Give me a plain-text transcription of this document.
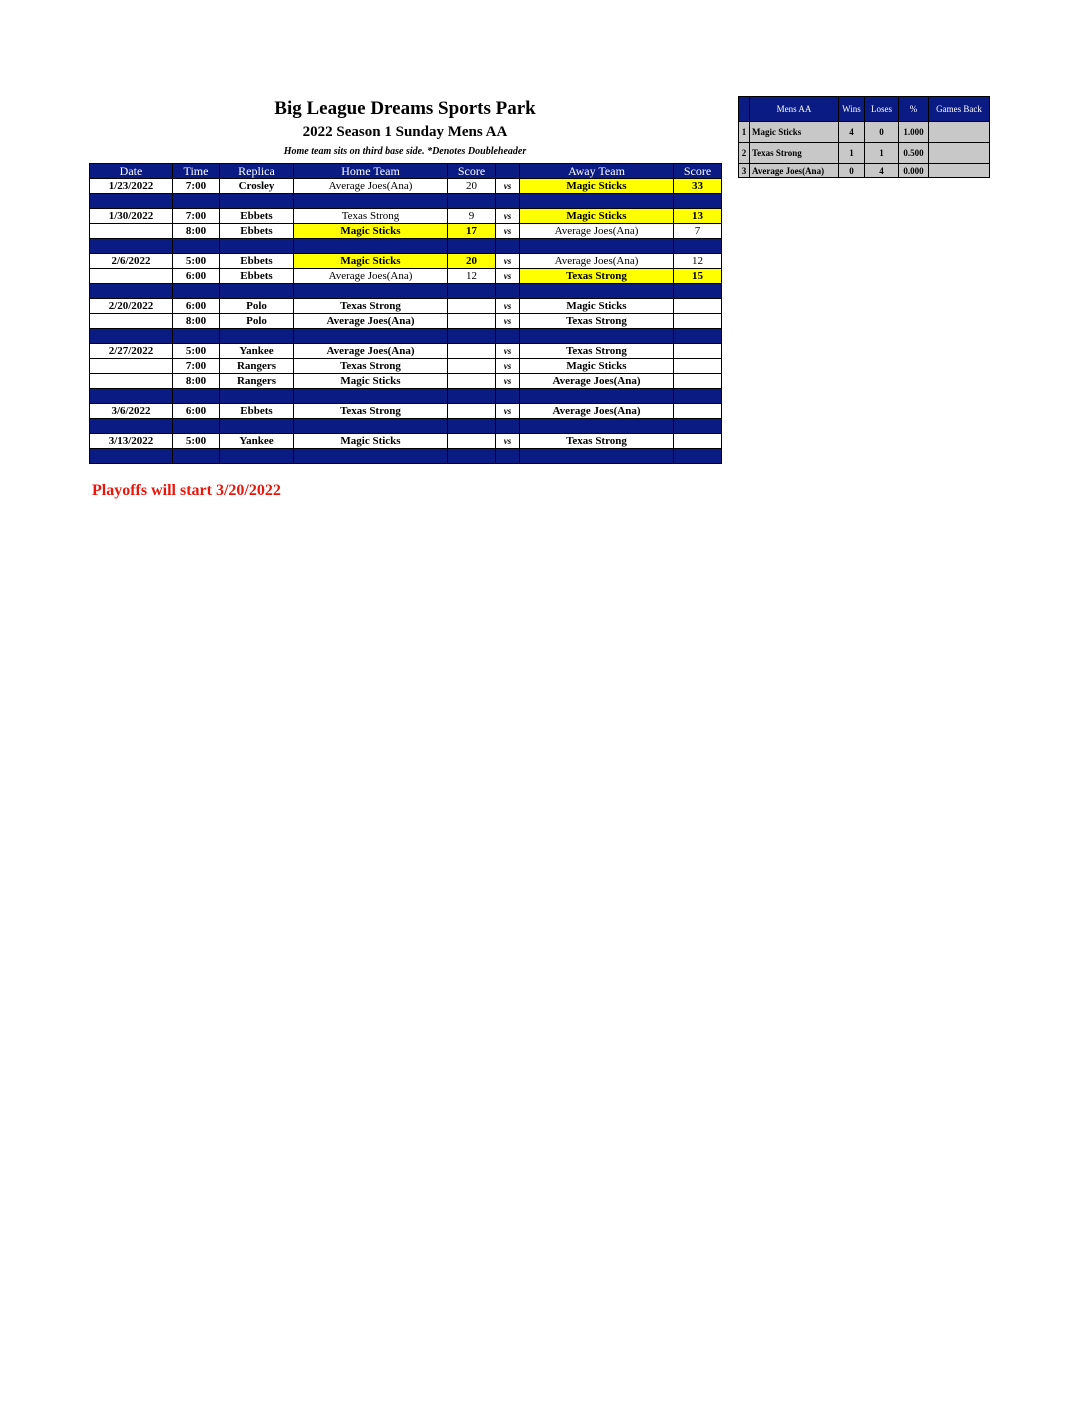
Big League Dreams Sports Park
2022 Season 1 Sunday Mens AA
Home team sits on third base side. *Denotes Doubleheader
Date	Time	Replica	Home Team	Score		Away Team	Score
1/23/2022	7:00	Crosley	Average Joes(Ana)	20	vs	Magic Sticks	33

1/30/2022	7:00	Ebbets	Texas Strong	9	vs	Magic Sticks	13
	8:00	Ebbets	Magic Sticks	17	vs	Average Joes(Ana)	7

2/6/2022	5:00	Ebbets	Magic Sticks	20	vs	Average Joes(Ana)	12
	6:00	Ebbets	Average Joes(Ana)	12	vs	Texas Strong	15

2/20/2022	6:00	Polo	Texas Strong		vs	Magic Sticks	
	8:00	Polo	Average Joes(Ana)		vs	Texas Strong	

2/27/2022	5:00	Yankee	Average Joes(Ana)		vs	Texas Strong	
	7:00	Rangers	Texas Strong		vs	Magic Sticks	
	8:00	Rangers	Magic Sticks		vs	Average Joes(Ana)	

3/6/2022	6:00	Ebbets	Texas Strong		vs	Average Joes(Ana)	

3/13/2022	5:00	Yankee	Magic Sticks		vs	Texas Strong	

	Mens AA	Wins	Loses	%	Games Back
1	Magic Sticks	4	0	1.000	
2	Texas Strong	1	1	0.500	
3	Average Joes(Ana)	0	4	0.000	
Playoffs will start 3/20/2022
